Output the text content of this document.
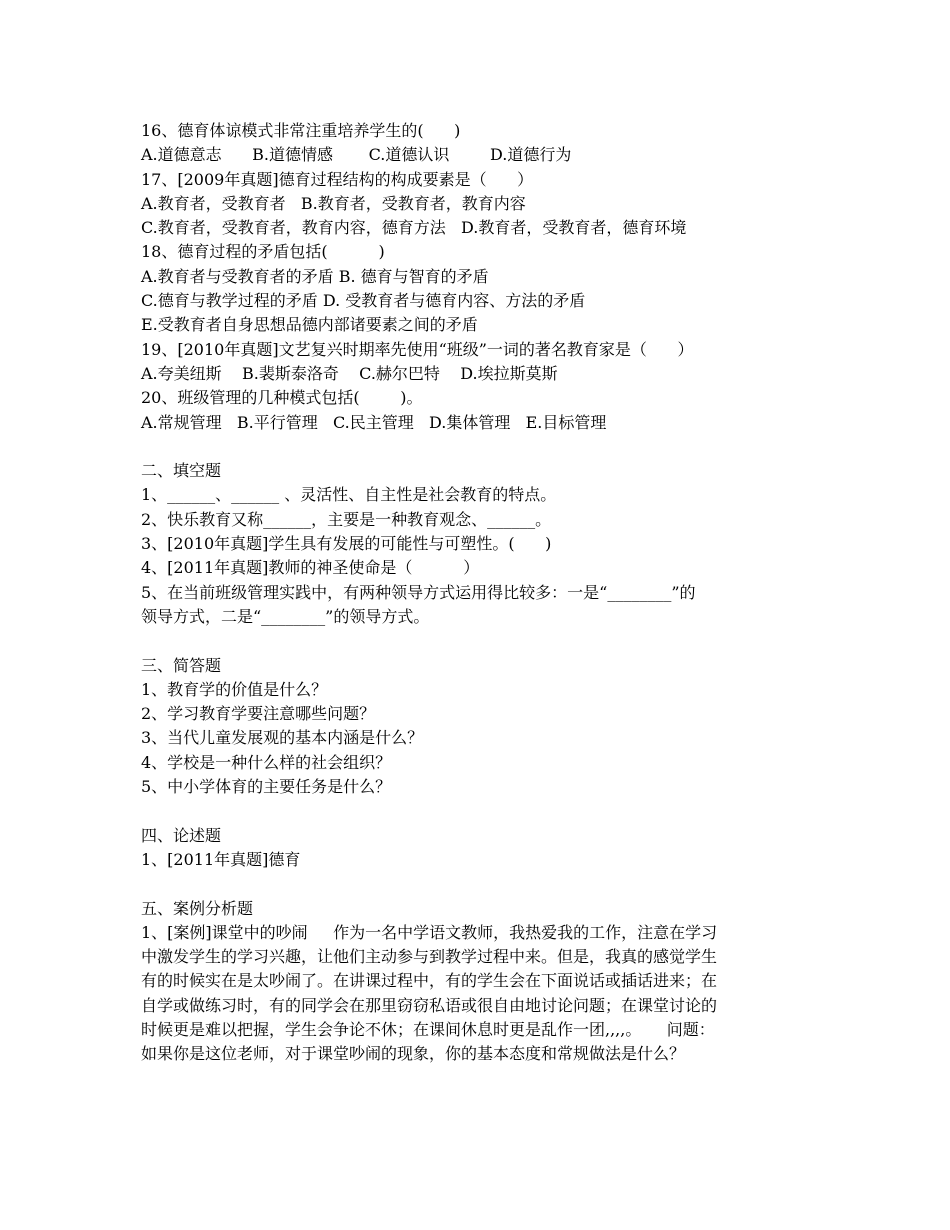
16、德育体谅模式非常注重培养学生的(      )
A.道德意志      B.道德情感       C.道德认识        D.道德行为
17、[2009年真题]德育过程结构的构成要素是（      ）
A.教育者，受教育者   B.教育者，受教育者，教育内容
C.教育者，受教育者，教育内容，德育方法   D.教育者，受教育者，德育环境
18、德育过程的矛盾包括(          )
A.教育者与受教育者的矛盾 B. 德育与智育的矛盾
C.德育与教学过程的矛盾 D. 受教育者与德育内容、方法的矛盾
E.受教育者自身思想品德内部诸要素之间的矛盾
19、[2010年真题]文艺复兴时期率先使用“班级”一词的著名教育家是（      ）
A.夸美纽斯    B.裴斯泰洛奇    C.赫尔巴特    D.埃拉斯莫斯
20、班级管理的几种模式包括(        )。
A.常规管理   B.平行管理   C.民主管理   D.集体管理   E.目标管理
二、填空题
1、______、______ 、灵活性、自主性是社会教育的特点。
2、快乐教育又称______，主要是一种教育观念、______。
3、[2010年真题]学生具有发展的可能性与可塑性。(      )
4、[2011年真题]教师的神圣使命是（          ）
5、在当前班级管理实践中，有两种领导方式运用得比较多：一是“________”的
领导方式，二是“________”的领导方式。
三、简答题
1、教育学的价值是什么？
2、学习教育学要注意哪些问题？
3、当代儿童发展观的基本内涵是什么？
4、学校是一种什么样的社会组织？
5、中小学体育的主要任务是什么？
四、论述题
1、[2011年真题]德育
五、案例分析题
1、[案例]课堂中的吵闹     作为一名中学语文教师，我热爱我的工作，注意在学习
中激发学生的学习兴趣，让他们主动参与到教学过程中来。但是，我真的感觉学生
有的时候实在是太吵闹了。在讲课过程中，有的学生会在下面说话或插话进来；在
自学或做练习时，有的同学会在那里窃窃私语或很自由地讨论问题；在课堂讨论的
时候更是难以把握，学生会争论不休；在课间休息时更是乱作一团,,,,。     问题：
如果你是这位老师，对于课堂吵闹的现象，你的基本态度和常规做法是什么？
